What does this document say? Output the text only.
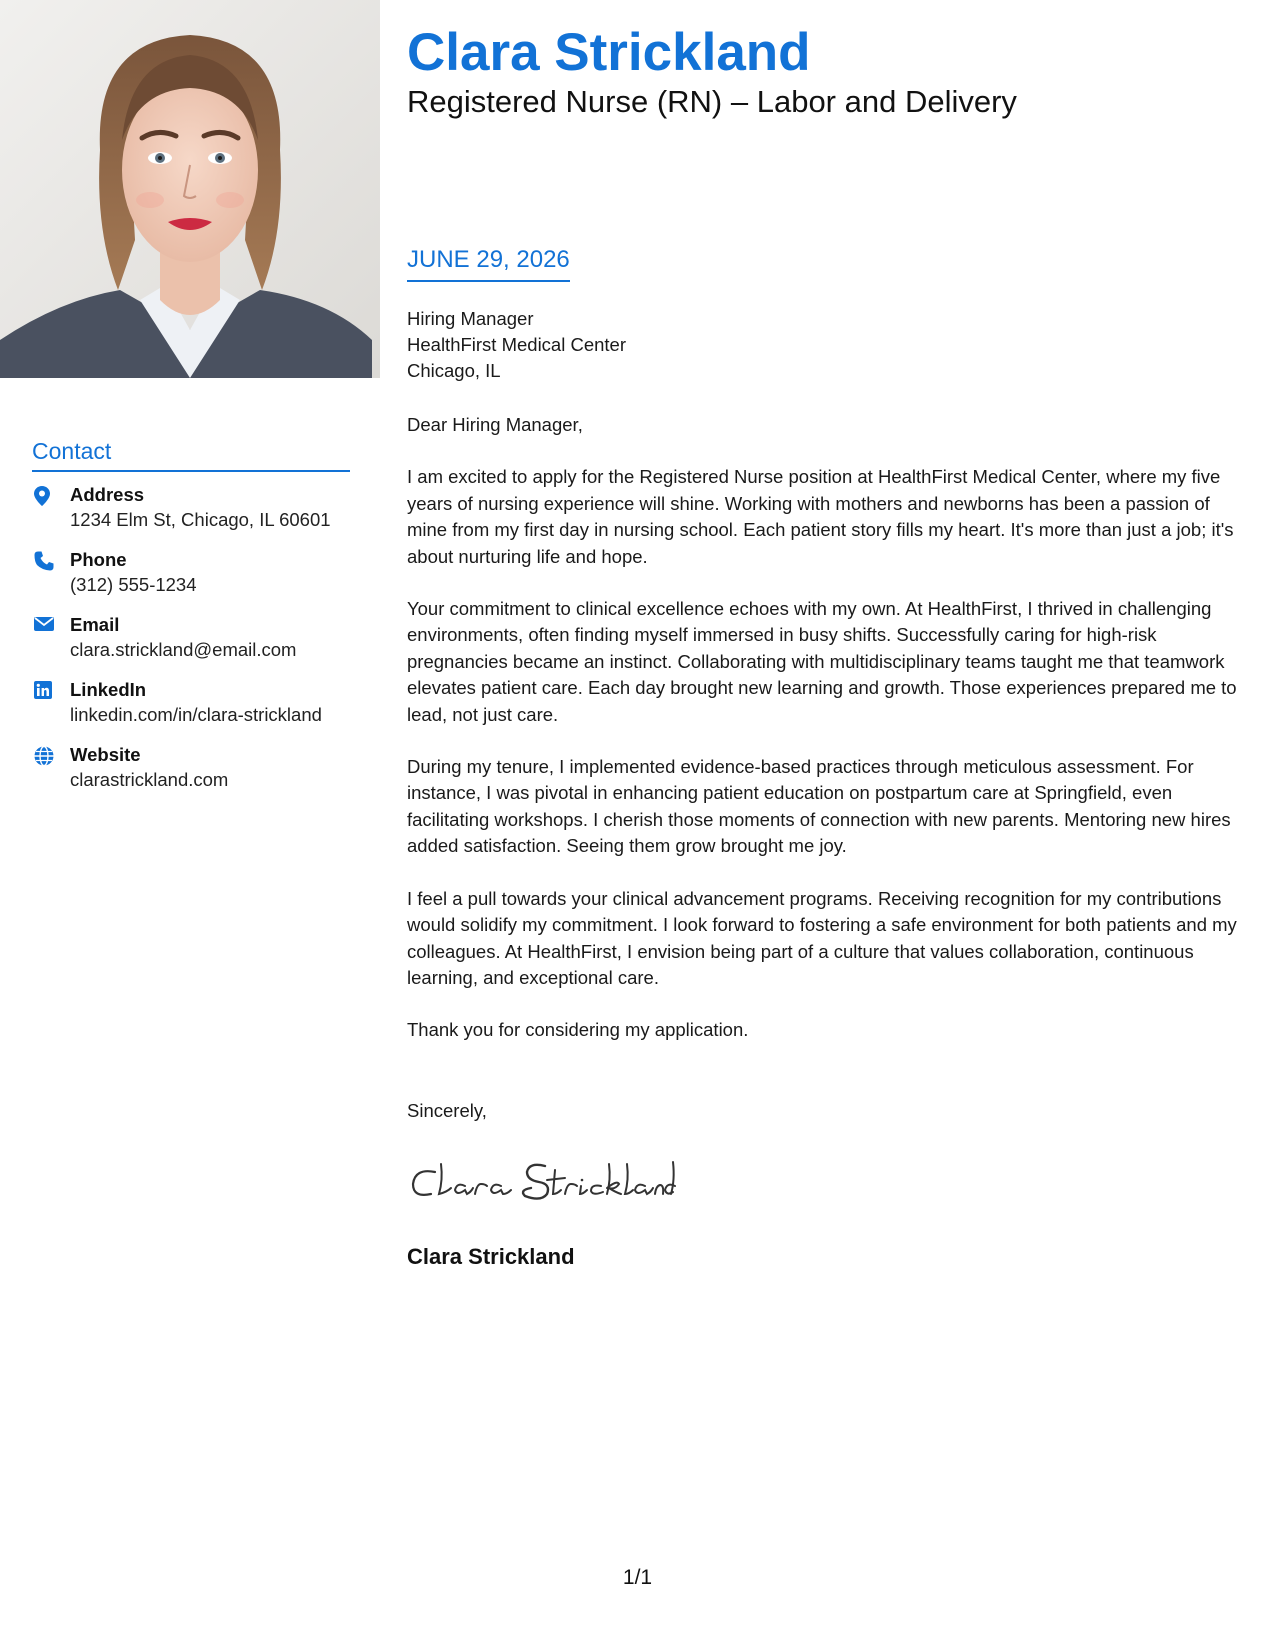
Contact
Address
1234 Elm St, Chicago, IL 60601
Phone
(312) 555-1234
Email
clara.strickland@email.com
LinkedIn
linkedin.com/in/clara-strickland
Website
clarastrickland.com
Clara Strickland
Registered Nurse (RN) – Labor and Delivery
JUNE 29, 2026
Hiring Manager
HealthFirst Medical Center
Chicago, IL

Dear Hiring Manager,

I am excited to apply for the Registered Nurse position at HealthFirst Medical Center, where my five years of nursing experience will shine. Working with mothers and newborns has been a passion of mine from my first day in nursing school. Each patient story fills my heart. It's more than just a job; it's about nurturing life and hope.

Your commitment to clinical excellence echoes with my own. At HealthFirst, I thrived in challenging environments, often finding myself immersed in busy shifts. Successfully caring for high-risk pregnancies became an instinct. Collaborating with multidisciplinary teams taught me that teamwork elevates patient care. Each day brought new learning and growth. Those experiences prepared me to lead, not just care.

During my tenure, I implemented evidence-based practices through meticulous assessment. For instance, I was pivotal in enhancing patient education on postpartum care at Springfield, even facilitating workshops. I cherish those moments of connection with new parents. Mentoring new hires added satisfaction. Seeing them grow brought me joy.

I feel a pull towards your clinical advancement programs. Receiving recognition for my contributions would solidify my commitment. I look forward to fostering a safe environment for both patients and my colleagues. At HealthFirst, I envision being part of a culture that values collaboration, continuous learning, and exceptional care.

Thank you for considering my application.

Sincerely,
Clara Strickland
1/1
